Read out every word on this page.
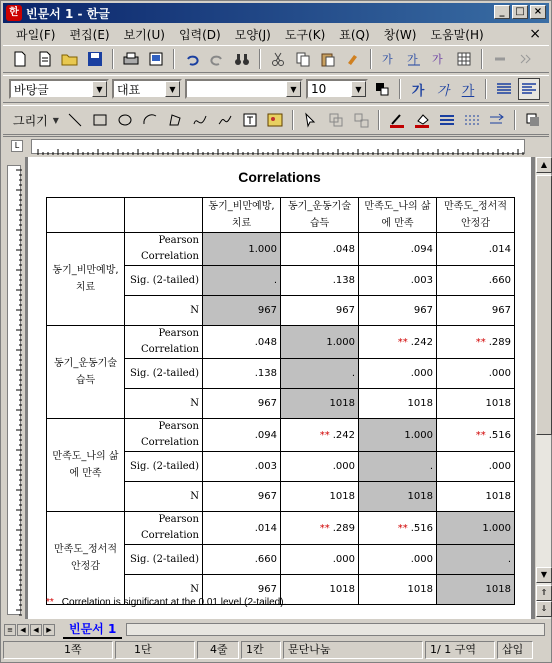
한 빈문서 1 - 한글	_	□ ×
파일(F)	편집(E)	보기(U)	입력(D)	모양(J)	도구(K)	표(Q)	창(W)	도움말(H)	×
가 가 가
바탕글	▼	대표	▼	▼	10	▼	가 가 가
그리기 ▼
L
Correlations
		동기_비만예방, 치료	동기_운동기술습득	만족도_나의 삶에 만족	만족도_정서적 안정감
동기_비만예방, 치료	Pearson Correlation	1.000	.048	.094	.014
	Sig. (2-tailed)	.	.138	.003	.660
	N	967	967	967	967
동기_운동기술습득	Pearson Correlation	.048	1.000	** .242	** .289
	Sig. (2-tailed)	.138	.	.000	.000
	N	967	1018	1018	1018
만족도_나의 삶에 만족	Pearson Correlation	.094	** .242	1.000	** .516
	Sig. (2-tailed)	.003	.000	.	.000
	N	967	1018	1018	1018
만족도_정서적 안정감	Pearson Correlation	.014	** .289	** .516	1.000
	Sig. (2-tailed)	.660	.000	.000	.
	N	967	1018	1018	1018
** Correlation is significant at the 0.01 level (2-tailed).
▲
▼
⇑
⇓
≡	◀	◀	▶	빈문서 1
1쪽	1단	4줄	1칸	문단나눔	1/ 1 구역	삽입
